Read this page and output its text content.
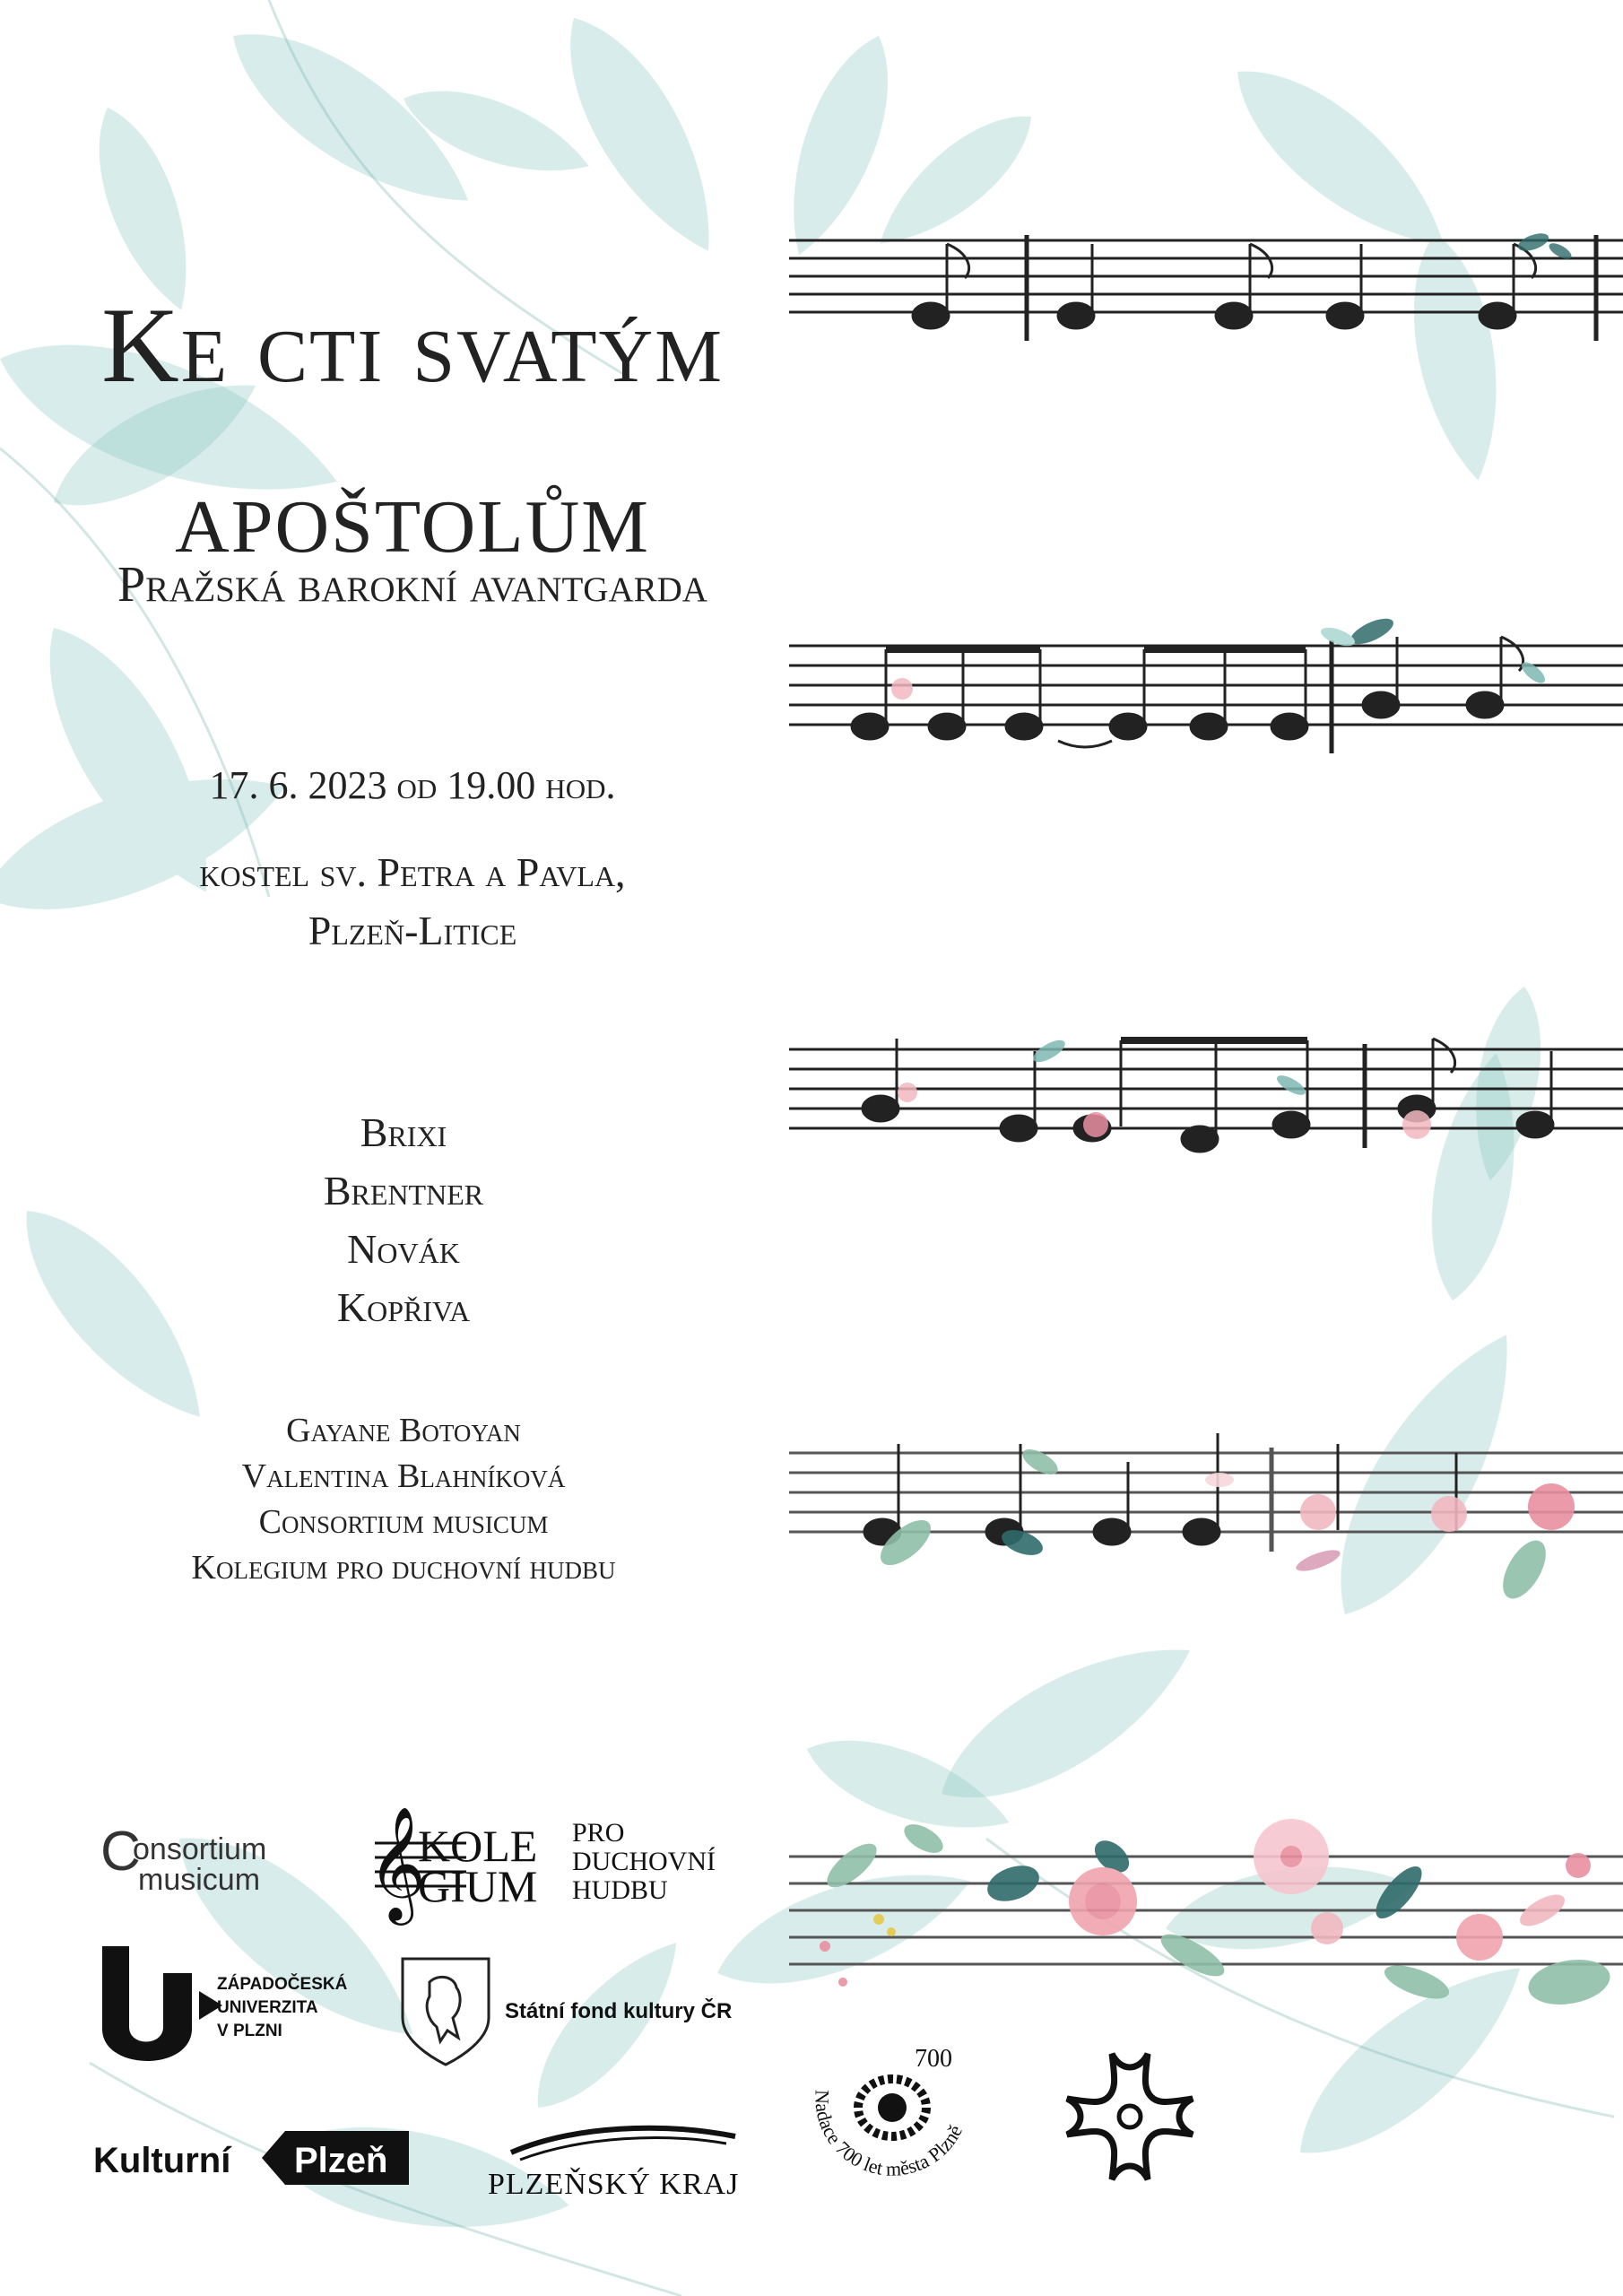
Ke cti svatým
apoštolům
Pražská barokní avantgarda
17. 6. 2023 od 19.00 hod.
kostel sv. Petra a Pavla,
Plzeň-Litice
Brixi
Brentner
Novák
Kopřiva
Gayane Botoyan
Valentina Blahníková
Consortium musicum
Kolegium pro duchovní hudbu
C
onsortium
musicum 𝄞
KOLE
GIUM
PRO
DUCHOVNÍ
HUDBU
ZÁPADOČESKÁ
UNIVERZITA
V PLZNI
Státní fond kultury ČR
Kulturní Plzeň
PLZEŇSKÝ KRAJ
700
Nadace 700 let města Plzně
